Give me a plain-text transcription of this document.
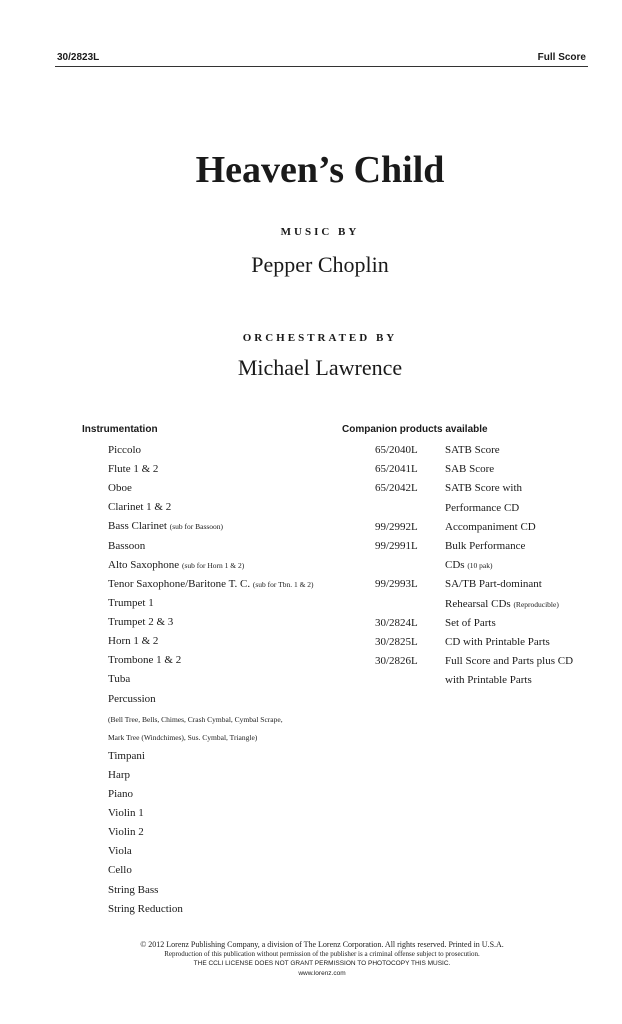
30/2823L	Full Score
Heaven’s Child
MUSIC BY
Pepper Choplin
ORCHESTRATED BY
Michael Lawrence
Instrumentation	Companion products available
Piccolo
Flute 1 & 2
Oboe
Clarinet 1 & 2
Bass Clarinet (sub for Bassoon)
Bassoon
Alto Saxophone (sub for Horn 1 & 2)
Tenor Saxophone/Baritone T. C. (sub for Tbn. 1 & 2)
Trumpet 1
Trumpet 2 & 3
Horn 1 & 2
Trombone 1 & 2
Tuba
Percussion
(Bell Tree, Bells, Chimes, Crash Cymbal, Cymbal Scrape,
Mark Tree (Windchimes), Sus. Cymbal, Triangle)
Timpani
Harp
Piano
Violin 1
Violin 2
Viola
Cello
String Bass
String Reduction
65/2040L SATB Score
65/2041L SAB Score
65/2042L SATB Score with
Performance CD
99/2992L Accompaniment CD
99/2991L Bulk Performance
CDs (10 pak)
99/2993L SA/TB Part-dominant
Rehearsal CDs (Reproducible)
30/2824L Set of Parts
30/2825L CD with Printable Parts
30/2826L Full Score and Parts plus CD
with Printable Parts
© 2012 Lorenz Publishing Company, a division of The Lorenz Corporation. All rights reserved. Printed in U.S.A.
Reproduction of this publication without permission of the publisher is a criminal offense subject to prosecution.
THE CCLI LICENSE DOES NOT GRANT PERMISSION TO PHOTOCOPY THIS MUSIC.
www.lorenz.com
